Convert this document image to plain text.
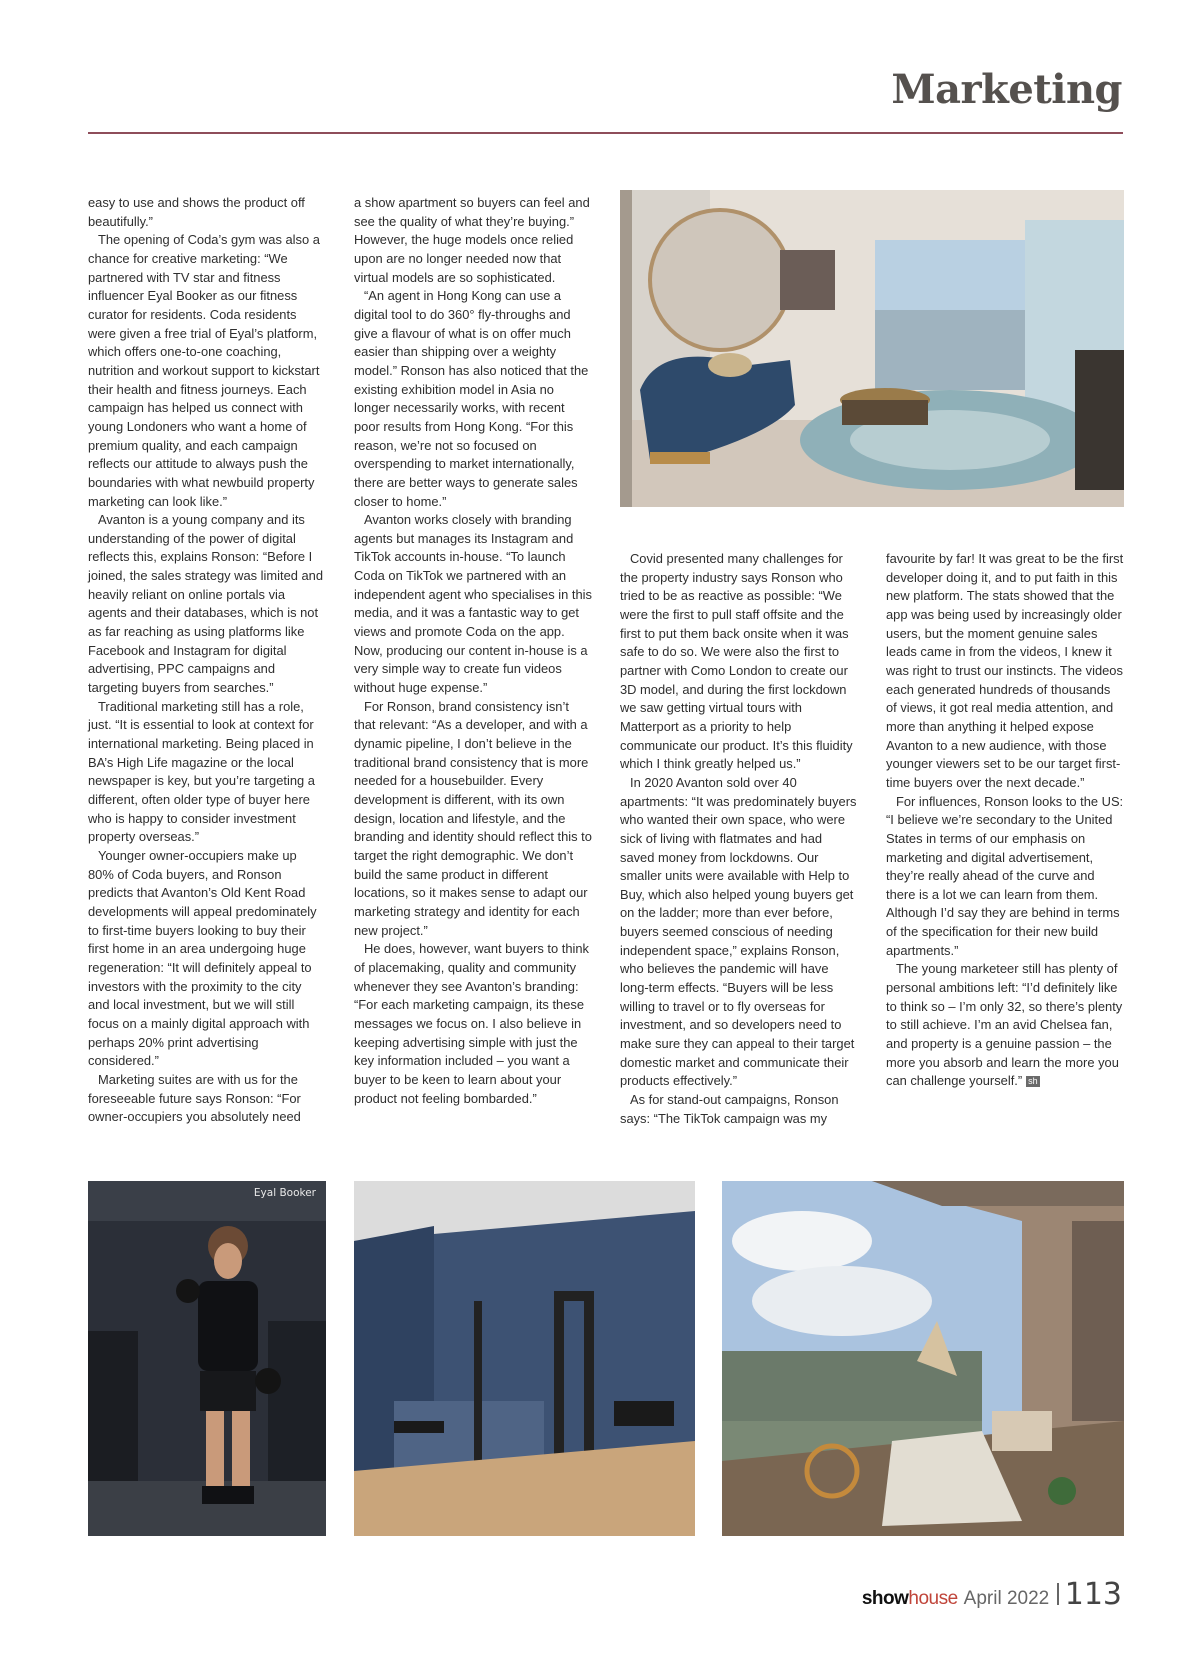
Marketing

easy to use and shows the product off beautifully.”

The opening of Coda’s gym was also a chance for creative marketing: “We partnered with TV star and fitness influencer Eyal Booker as our fitness curator for residents. Coda residents were given a free trial of Eyal’s platform, which offers one-to-one coaching, nutrition and workout support to kickstart their health and fitness journeys. Each campaign has helped us connect with young Londoners who want a home of premium quality, and each campaign reflects our attitude to always push the boundaries with what newbuild property marketing can look like.”

Avanton is a young company and its understanding of the power of digital reflects this, explains Ronson: “Before I joined, the sales strategy was limited and heavily reliant on online portals via agents and their databases, which is not as far reaching as using platforms like Facebook and Instagram for digital advertising, PPC campaigns and targeting buyers from searches.”

Traditional marketing still has a role, just. “It is essential to look at context for international marketing. Being placed in BA’s High Life magazine or the local newspaper is key, but you’re targeting a different, often older type of buyer here who is happy to consider investment property overseas.”

Younger owner-occupiers make up 80% of Coda buyers, and Ronson predicts that Avanton’s Old Kent Road developments will appeal predominately to first-time buyers looking to buy their first home in an area undergoing huge regeneration: “It will definitely appeal to investors with the proximity to the city and local investment, but we will still focus on a mainly digital approach with perhaps 20% print advertising considered.”

Marketing suites are with us for the foreseeable future says Ronson: “For owner-occupiers you absolutely need

a show apartment so buyers can feel and see the quality of what they’re buying.” However, the huge models once relied upon are no longer needed now that virtual models are so sophisticated.

“An agent in Hong Kong can use a digital tool to do 360° fly-throughs and give a flavour of what is on offer much easier than shipping over a weighty model.” Ronson has also noticed that the existing exhibition model in Asia no longer necessarily works, with recent poor results from Hong Kong. “For this reason, we’re not so focused on overspending to market internationally, there are better ways to generate sales closer to home.”

Avanton works closely with branding agents but manages its Instagram and TikTok accounts in-house. “To launch Coda on TikTok we partnered with an independent agent who specialises in this media, and it was a fantastic way to get views and promote Coda on the app. Now, producing our content in-house is a very simple way to create fun videos without huge expense.”

For Ronson, brand consistency isn’t that relevant: “As a developer, and with a dynamic pipeline, I don’t believe in the traditional brand consistency that is more needed for a housebuilder. Every development is different, with its own design, location and lifestyle, and the branding and identity should reflect this to target the right demographic. We don’t build the same product in different locations, so it makes sense to adapt our marketing strategy and identity for each new project.”

He does, however, want buyers to think of placemaking, quality and community whenever they see Avanton’s branding: “For each marketing campaign, its these messages we focus on. I also believe in keeping advertising simple with just the key information included – you want a buyer to be keen to learn about your product not feeling bombarded.”

Covid presented many challenges for the property industry says Ronson who tried to be as reactive as possible: “We were the first to pull staff offsite and the first to put them back onsite when it was safe to do so. We were also the first to partner with Como London to create our 3D model, and during the first lockdown we saw getting virtual tours with Matterport as a priority to help communicate our product. It’s this fluidity which I think greatly helped us.”

In 2020 Avanton sold over 40 apartments: “It was predominately buyers who wanted their own space, who were sick of living with flatmates and had saved money from lockdowns. Our smaller units were available with Help to Buy, which also helped young buyers get on the ladder; more than ever before, buyers seemed conscious of needing independent space,” explains Ronson, who believes the pandemic will have long-term effects. “Buyers will be less willing to travel or to fly overseas for investment, and so developers need to make sure they can appeal to their target domestic market and communicate their products effectively.”

As for stand-out campaigns, Ronson says: “The TikTok campaign was my

favourite by far! It was great to be the first developer doing it, and to put faith in this new platform. The stats showed that the app was being used by increasingly older users, but the moment genuine sales leads came in from the videos, I knew it was right to trust our instincts. The videos each generated hundreds of thousands of views, it got real media attention, and more than anything it helped expose Avanton to a new audience, with those younger viewers set to be our target first-time buyers over the next decade.”

For influences, Ronson looks to the US: “I believe we’re secondary to the United States in terms of our emphasis on marketing and digital advertisement, they’re really ahead of the curve and there is a lot we can learn from them. Although I’d say they are behind in terms of the specification for their new build apartments.”

The young marketeer still has plenty of personal ambitions left: “I’d definitely like to think so – I’m only 32, so there’s plenty to still achieve. I’m an avid Chelsea fan, and property is a genuine passion – the more you absorb and learn the more you can challenge yourself.” sh

Eyal Booker
show house April 2022 113
